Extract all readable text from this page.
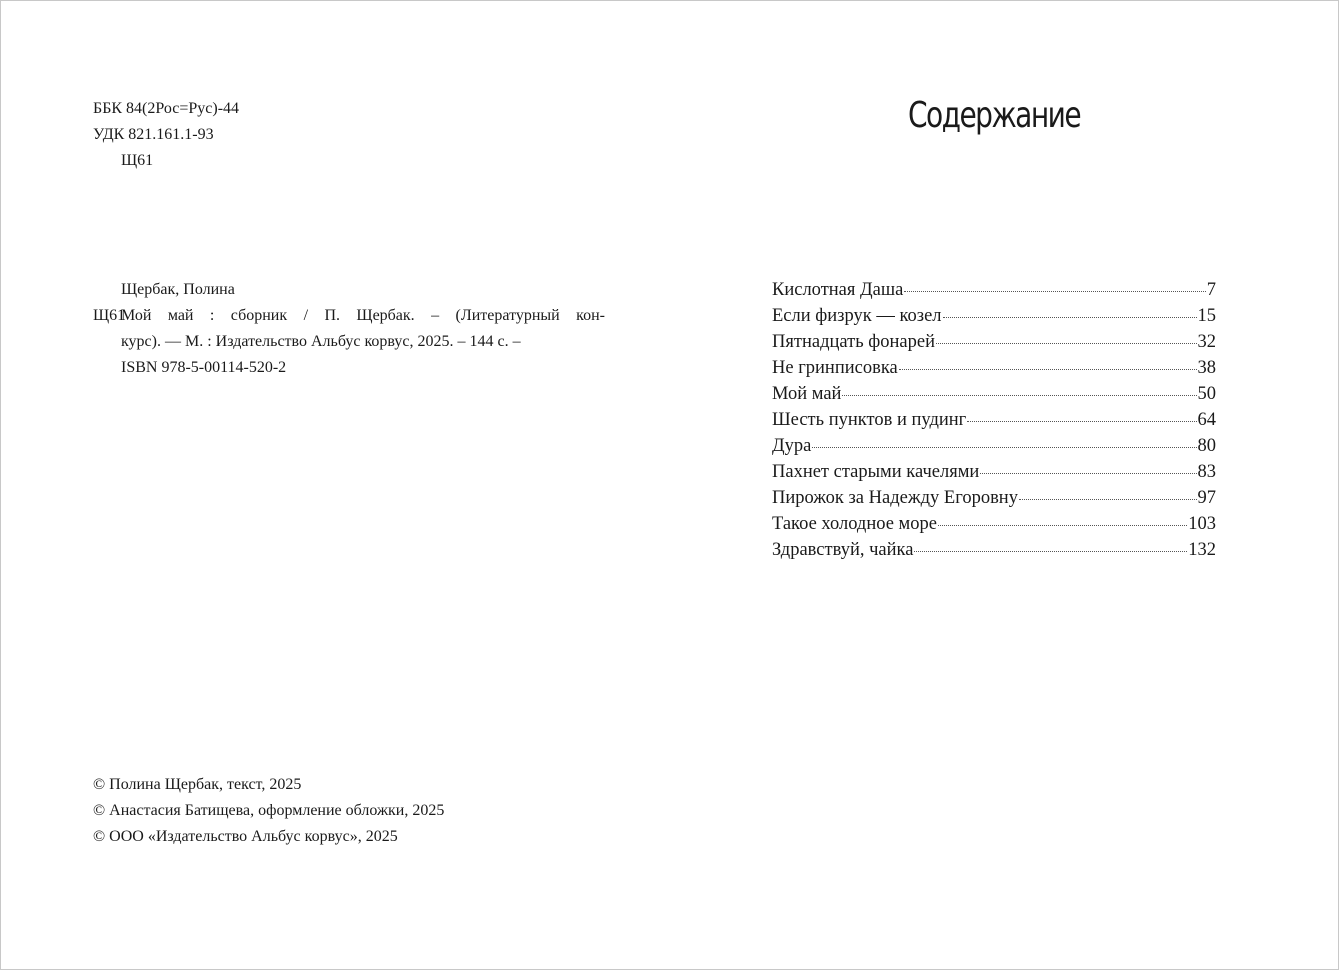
ББК 84(2Рос=Рус)-44
УДК 821.161.1-93
Щ61
Щербак, Полина
Щ61
Мой май : сборник / П. Щербак. – (Литературный кон-
курс). — М. : Издательство Альбус корвус, 2025. – 144 с. –
ISBN 978-5-00114-520-2
© Полина Щербак, текст, 2025
© Анастасия Батищева, оформление обложки, 2025
© ООО «Издательство Альбус корвус», 2025
Содержание
Кислотная Даша	7
Если физрук — козел	15
Пятнадцать фонарей	32
Не гринписовка	38
Мой май	50
Шесть пунктов и пудинг	64
Дура	80
Пахнет старыми качелями	83
Пирожок за Надежду Егоровну	97
Такое холодное море	103
Здравствуй, чайка	132
